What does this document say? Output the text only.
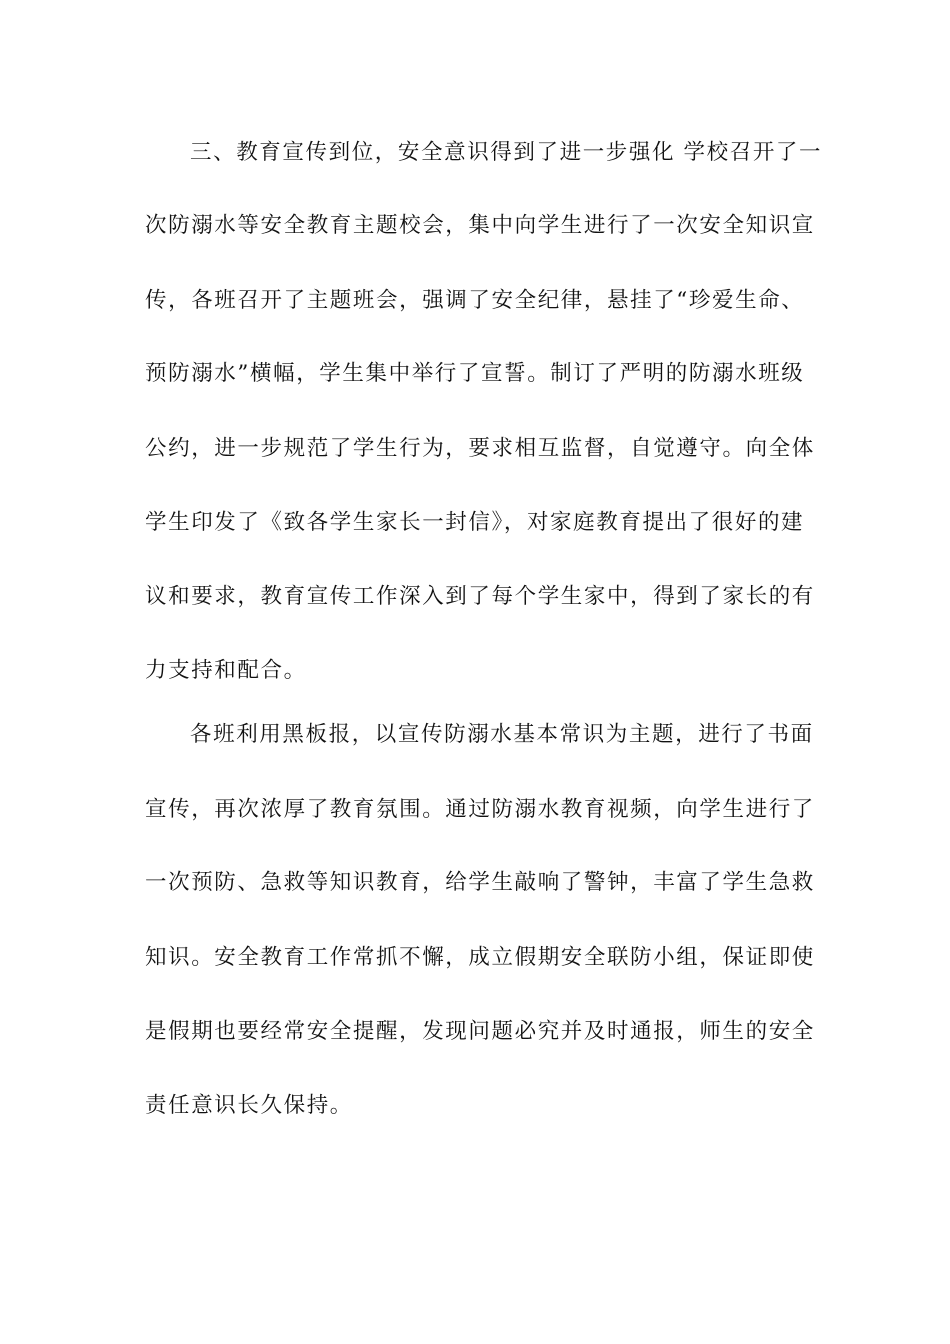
三、教育宣传到位，安全意识得到了进一步强化 学校召开了一
次防溺水等安全教育主题校会，集中向学生进行了一次安全知识宣
传，各班召开了主题班会，强调了安全纪律，悬挂了“珍爱生命、
预防溺水”横幅，学生集中举行了宣誓。制订了严明的防溺水班级
公约，进一步规范了学生行为，要求相互监督，自觉遵守。向全体
学生印发了《致各学生家长一封信》，对家庭教育提出了很好的建
议和要求，教育宣传工作深入到了每个学生家中，得到了家长的有
力支持和配合。
各班利用黑板报，以宣传防溺水基本常识为主题，进行了书面
宣传，再次浓厚了教育氛围。通过防溺水教育视频，向学生进行了
一次预防、急救等知识教育，给学生敲响了警钟，丰富了学生急救
知识。安全教育工作常抓不懈，成立假期安全联防小组，保证即使
是假期也要经常安全提醒，发现问题必究并及时通报，师生的安全
责任意识长久保持。
